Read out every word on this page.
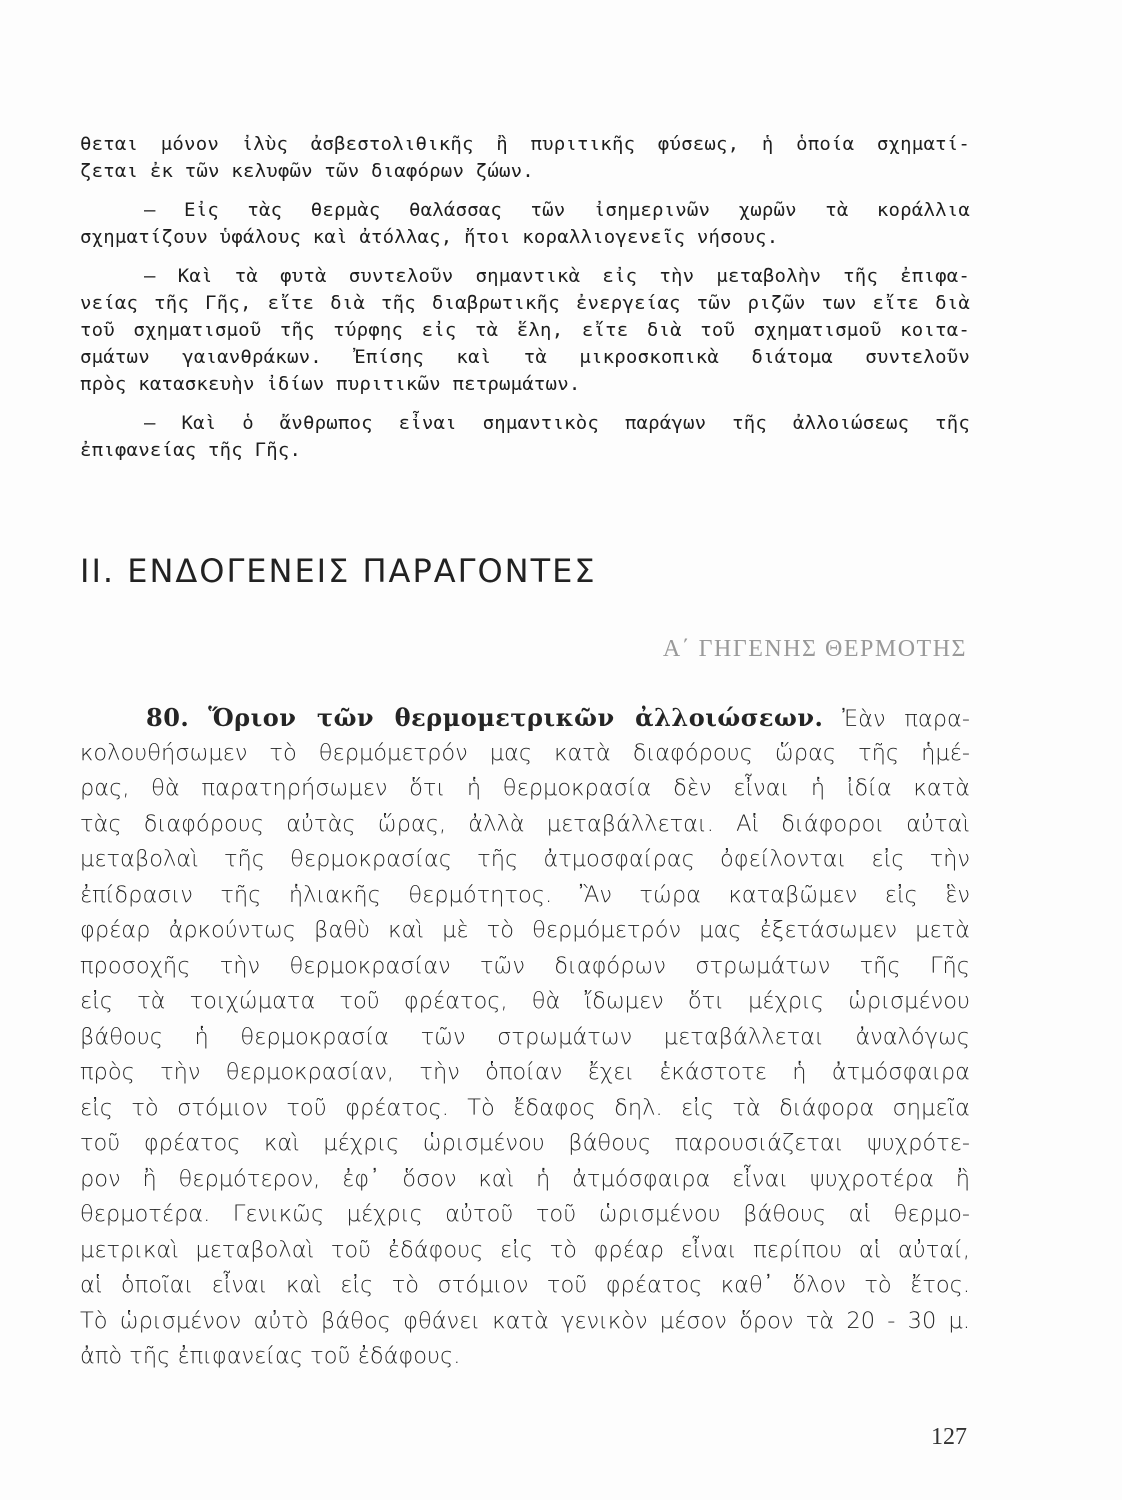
θεται μόνον ἰλὺς ἀσβεστολιθικῆς ἢ πυριτικῆς φύσεως, ἡ ὁποία σχηματί-
ζεται ἐκ τῶν κελυφῶν τῶν διαφόρων ζώων.
— Εἰς τὰς θερμὰς θαλάσσας τῶν ἰσημερινῶν χωρῶν τὰ κοράλλια
σχηματίζουν ὑφάλους καὶ ἀτόλλας, ἤτοι κοραλλιογενεῖς νήσους.
— Καὶ τὰ φυτὰ συντελοῦν σημαντικὰ εἰς τὴν μεταβολὴν τῆς ἐπιφα-
νείας τῆς Γῆς, εἴτε διὰ τῆς διαβρωτικῆς ἐνεργείας τῶν ριζῶν των εἴτε διὰ
τοῦ σχηματισμοῦ τῆς τύρφης εἰς τὰ ἕλη, εἴτε διὰ τοῦ σχηματισμοῦ κοιτα-
σμάτων γαιανθράκων. Ἐπίσης καὶ τὰ μικροσκοπικὰ διάτομα συντελοῦν
πρὸς κατασκευὴν ἰδίων πυριτικῶν πετρωμάτων.
— Καὶ ὁ ἄνθρωπος εἶναι σημαντικὸς παράγων τῆς ἀλλοιώσεως τῆς
ἐπιφανείας τῆς Γῆς.
ΙΙ. ΕΝΔΟΓΕΝΕΙΣ ΠΑΡΑΓΟΝΤΕΣ
Α΄ ΓΗΓΕΝΗΣ ΘΕΡΜΟΤΗΣ
80. Ὅριον τῶν θερμομετρικῶν ἀλλοιώσεων. Ἐὰν παρα-
κολουθήσωμεν τὸ θερμόμετρόν μας κατὰ διαφόρους ὥρας τῆς ἡμέ-
ρας, θὰ παρατηρήσωμεν ὅτι ἡ θερμοκρασία δὲν εἶναι ἡ ἰδία κατὰ
τὰς διαφόρους αὐτὰς ὥρας, ἀλλὰ μεταβάλλεται. Αἱ διάφοροι αὐταὶ
μεταβολαὶ τῆς θερμοκρασίας τῆς ἀτμοσφαίρας ὀφείλονται εἰς τὴν
ἐπίδρασιν τῆς ἡλιακῆς θερμότητος. Ἂν τώρα καταβῶμεν εἰς ἓν
φρέαρ ἀρκούντως βαθὺ καὶ μὲ τὸ θερμόμετρόν μας ἐξετάσωμεν μετὰ
προσοχῆς τὴν θερμοκρασίαν τῶν διαφόρων στρωμάτων τῆς Γῆς
εἰς τὰ τοιχώματα τοῦ φρέατος, θὰ ἴδωμεν ὅτι μέχρις ὡρισμένου
βάθους ἡ θερμοκρασία τῶν στρωμάτων μεταβάλλεται ἀναλόγως
πρὸς τὴν θερμοκρασίαν, τὴν ὁποίαν ἔχει ἑκάστοτε ἡ ἀτμόσφαιρα
εἰς τὸ στόμιον τοῦ φρέατος. Τὸ ἔδαφος δηλ. εἰς τὰ διάφορα σημεῖα
τοῦ φρέατος καὶ μέχρις ὡρισμένου βάθους παρουσιάζεται ψυχρότε-
ρον ἢ θερμότερον, ἐφ᾿ ὅσον καὶ ἡ ἀτμόσφαιρα εἶναι ψυχροτέρα ἢ
θερμοτέρα. Γενικῶς μέχρις αὐτοῦ τοῦ ὡρισμένου βάθους αἱ θερμο-
μετρικαὶ μεταβολαὶ τοῦ ἐδάφους εἰς τὸ φρέαρ εἶναι περίπου αἱ αὐταί,
αἱ ὁποῖαι εἶναι καὶ εἰς τὸ στόμιον τοῦ φρέατος καθ᾿ ὅλον τὸ ἔτος.
Τὸ ὡρισμένον αὐτὸ βάθος φθάνει κατὰ γενικὸν μέσον ὅρον τὰ 20 - 30 μ.
ἀπὸ τῆς ἐπιφανείας τοῦ ἐδάφους.
127
